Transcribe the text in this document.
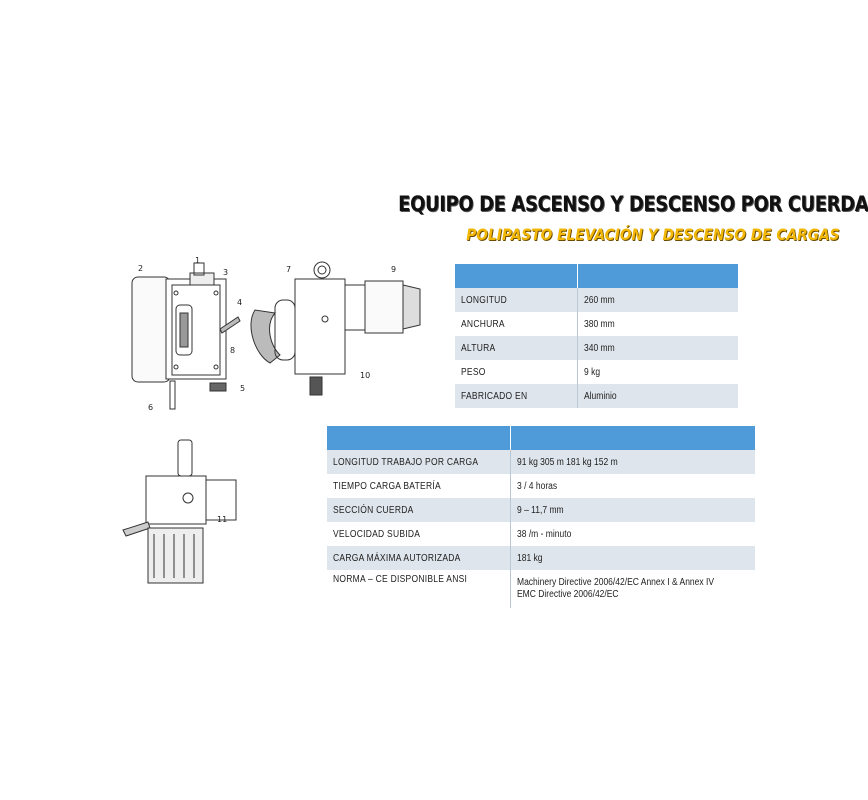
EQUIPO DE ASCENSO Y DESCENSO POR CUERDA
POLIPASTO ELEVACIÓN Y DESCENSO DE CARGAS
1
2	3
4
5
6
7
8
9
10
11

LONGITUD	260 mm
ANCHURA	380 mm
ALTURA	340 mm
PESO	9 kg
FABRICADO EN	Aluminio

LONGITUD TRABAJO POR CARGA	91 kg 305 m 181 kg 152 m
TIEMPO CARGA BATERÍA	3 / 4 horas
SECCIÓN CUERDA	9 – 11,7 mm
VELOCIDAD SUBIDA	38 /m - minuto
CARGA MÁXIMA AUTORIZADA	181 kg
NORMA – CE DISPONIBLE ANSI	Machinery Directive 2006/42/EC Annex I & Annex IV
EMC Directive 2006/42/EC
